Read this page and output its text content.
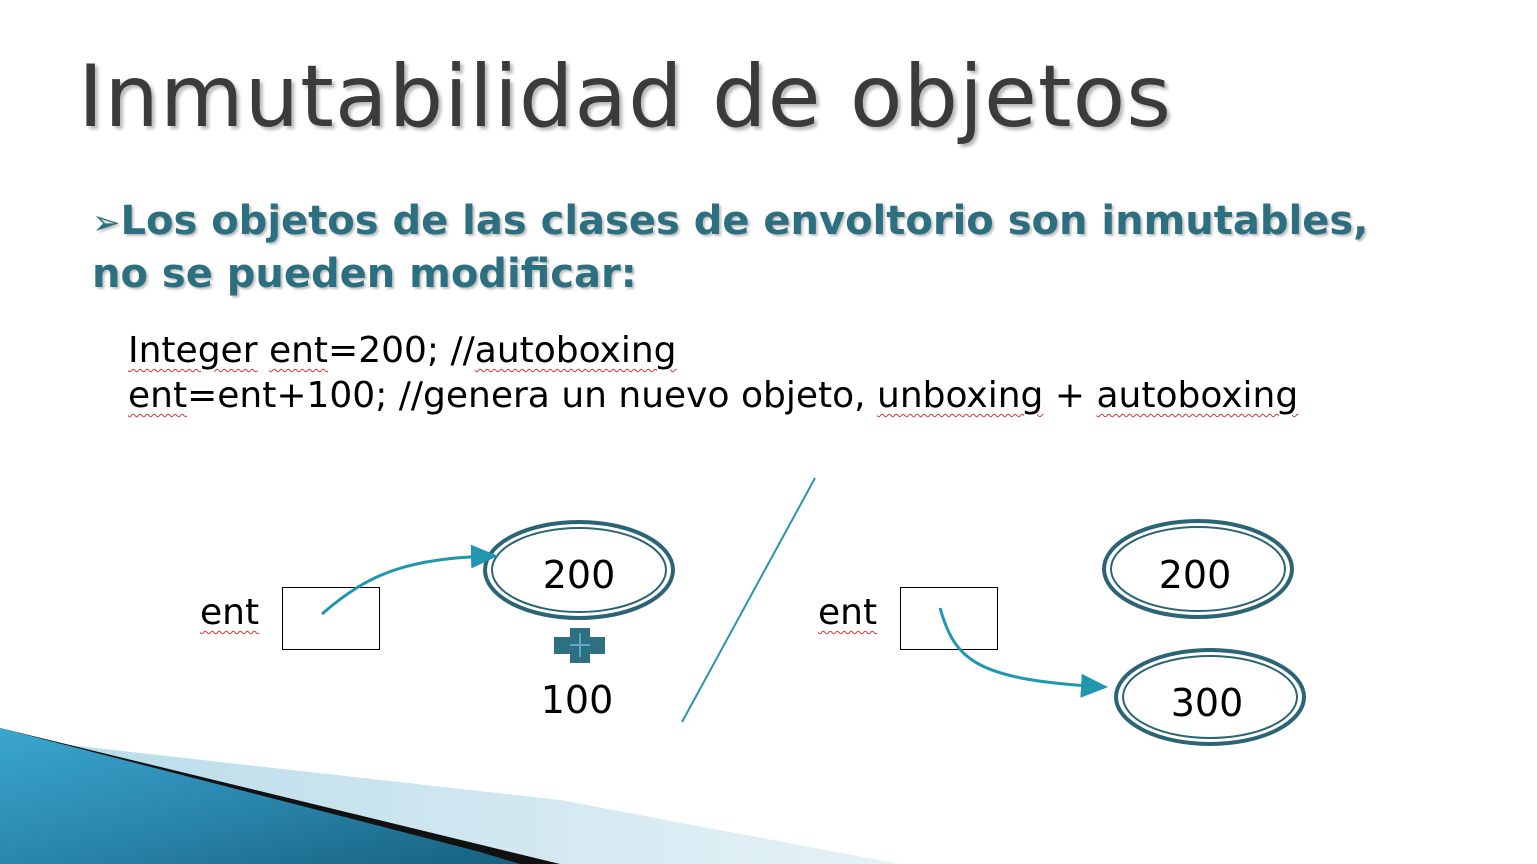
Inmutabilidad de objetos
➢Los objetos de las clases de envoltorio son inmutables, no se pueden modificar:
Integer ent=200; //autoboxing
ent=ent+100; //genera un nuevo objeto, unboxing + autoboxing
ent	ent
200
100
200
300
